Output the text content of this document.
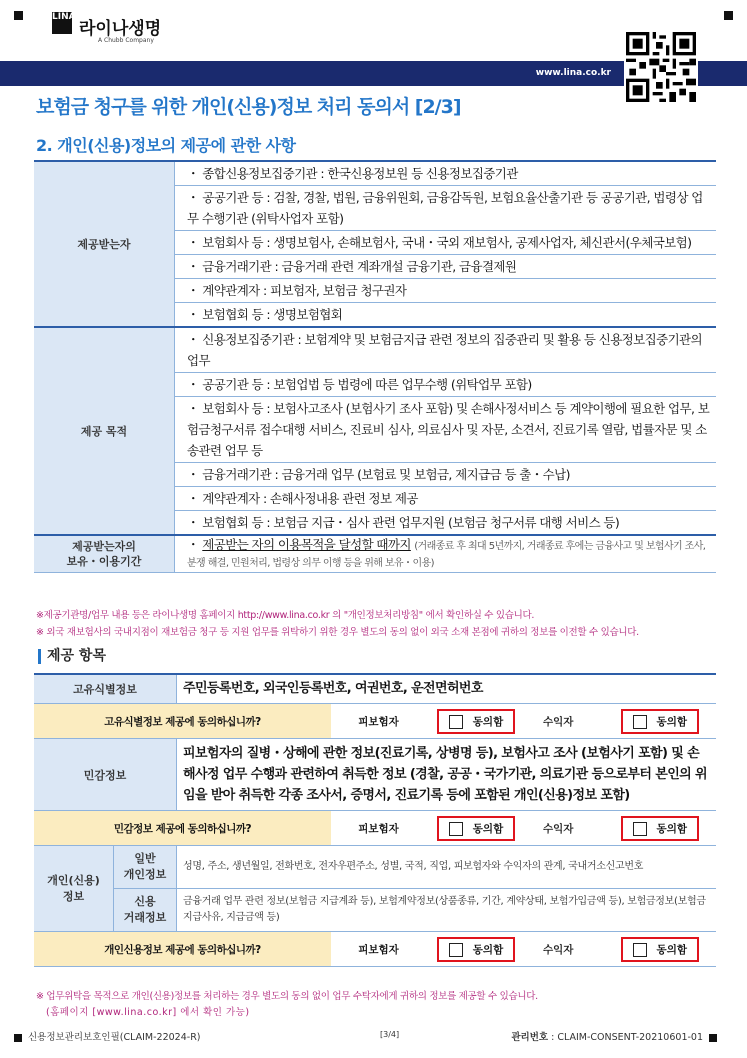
LINA
라이나생명
A Chubb Company
www.lina.co.kr
보험금 청구를 위한 개인(신용)정보 처리 동의서 [2/3]
2. 개인(신용)정보의 제공에 관한 사항
제공받는자	・ 종합신용정보집중기관 : 한국신용정보원 등 신용정보집중기관
	・ 공공기관 등 : 검찰, 경찰, 법원, 금융위원회, 금융감독원, 보험요율산출기관 등 공공기관, 법령상 업무 수행기관 (위탁사업자 포함)
	・ 보험회사 등 : 생명보험사, 손해보험사, 국내・국외 재보험사, 공제사업자, 체신관서(우체국보험)
	・ 금융거래기관 : 금융거래 관련 계좌개설 금융기관, 금융결제원
	・ 계약관계자 : 피보험자, 보험금 청구권자
	・ 보험협회 등 : 생명보험협회
제공 목적	・ 신용정보집중기관 : 보험계약 및 보험금지급 관련 정보의 집중관리 및 활용 등 신용정보집중기관의 업무
	・ 공공기관 등 : 보험업법 등 법령에 따른 업무수행 (위탁업무 포함)
	・ 보험회사 등 : 보험사고조사 (보험사기 조사 포함) 및 손해사정서비스 등 계약이행에 필요한 업무, 보험금청구서류 접수대행 서비스, 진료비 심사, 의료심사 및 자문, 소견서, 진료기록 열람, 법률자문 및 소송관련 업무 등
	・ 금융거래기관 : 금융거래 업무 (보험료 및 보험금, 제지급금 등 출・수납)
	・ 계약관계자 : 손해사정내용 관련 정보 제공
	・ 보험협회 등 : 보험금 지급・심사 관련 업무지원 (보험금 청구서류 대행 서비스 등)
제공받는자의
보유・이용기간	・ 제공받는 자의 이용목적을 달성할 때까지 (거래종료 후 최대 5년까지, 거래종료 후에는 금융사고 및 보험사기 조사, 분쟁 해결, 민원처리, 법령상 의무 이행 등을 위해 보유・이용)
※제공기관명/업무 내용 등은 라이나생명 홈페이지 http://www.lina.co.kr 의 "개인정보처리방침" 에서 확인하실 수 있습니다.
※ 외국 재보험사의 국내지점이 재보험금 청구 등 지원 업무를 위탁하기 위한 경우 별도의 동의 없이 외국 소재 본점에 귀하의 정보를 이전할 수 있습니다.
제공 항목
고유식별정보		주민등록번호, 외국인등록번호, 여권번호, 운전면허번호			
고유식별정보 제공에 동의하십니까?			피보험자	동의함	수익자 동의함
민감정보		피보험자의 질병・상해에 관한 정보(진료기록, 상병명 등), 보험사고 조사 (보험사기 포함) 및 손해사정 업무 수행과 관련하여 취득한 정보 (경찰, 공공・국가기관, 의료기관 등으로부터 본인의 위임을 받아 취득한 각종 조사서, 증명서, 진료기록 등에 포함된 개인(신용)정보 포함)			
민감정보 제공에 동의하십니까?			피보험자	동의함	수익자 동의함
개인(신용)
정보	일반
개인정보	성명, 주소, 생년월일, 전화번호, 전자우편주소, 성별, 국적, 직업, 피보험자와 수익자의 관계, 국내거소신고번호			
	신용
거래정보	금융거래 업무 관련 정보(보험금 지급계좌 등), 보험계약정보(상품종류, 기간, 계약상태, 보험가입금액 등), 보험금정보(보험금 지급사유, 지급금액 등)			
개인신용정보 제공에 동의하십니까?			피보험자	동의함	수익자 동의함
※ 업무위탁을 목적으로 개인(신용)정보를 처리하는 경우 별도의 동의 없이 업무 수탁자에게 귀하의 정보를 제공할 수 있습니다.
(홈페이지 [www.lina.co.kr] 에서 확인 가능)
신용정보관리보호인필(CLAIM-22024-R)	[3/4]	관리번호 : CLAIM-CONSENT-20210601-01
